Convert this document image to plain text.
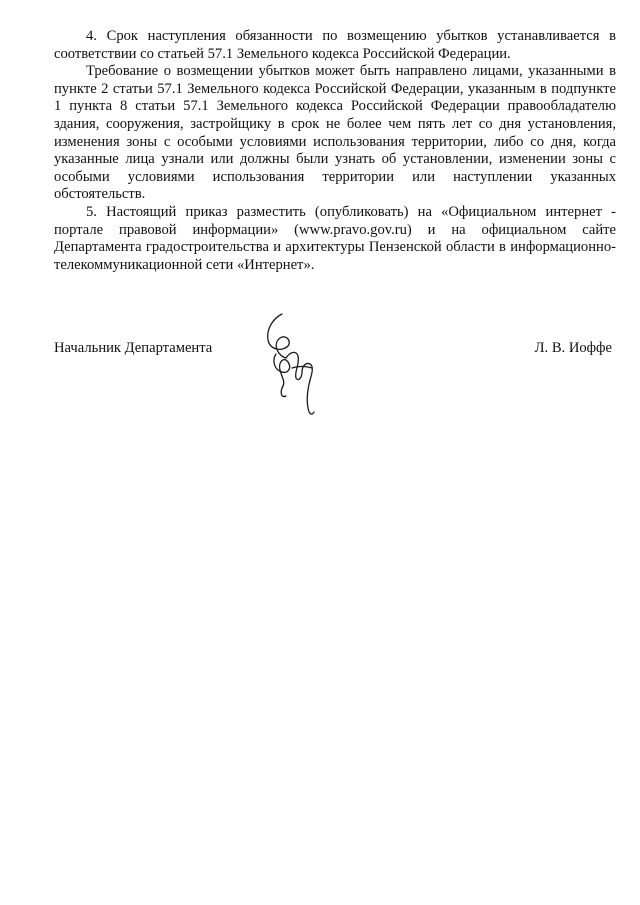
4. Срок наступления обязанности по возмещению убытков устанавливается в соответствии со статьей 57.1 Земельного кодекса Российской Федерации.

Требование о возмещении убытков может быть направлено лицами, указанными в пункте 2 статьи 57.1 Земельного кодекса Российской Федерации, указанным в подпункте 1 пункта 8 статьи 57.1 Земельного кодекса Российской Федерации правообладателю здания, сооружения, застройщику в срок не более чем пять лет со дня установления, изменения зоны с особыми условиями использования территории, либо со дня, когда указанные лица узнали или должны были узнать об установлении, изменении зоны с особыми условиями использования территории или наступлении указанных обстоятельств.

5. Настоящий приказ разместить (опубликовать) на «Официальном интернет - портале правовой информации» (www.pravo.gov.ru) и на официальном сайте Департамента градостроительства и архитектуры Пензенской области в информационно-телекоммуникационной сети «Интернет».

Начальник Департамента	Л. В. Иоффе
